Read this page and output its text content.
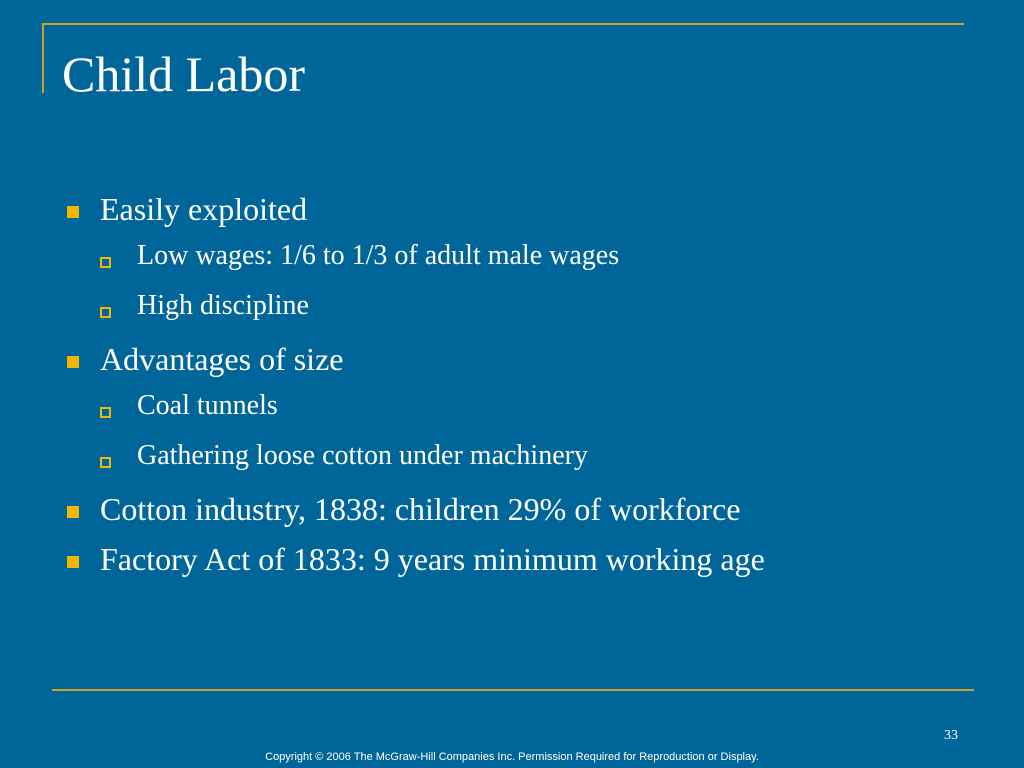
Child Labor
Easily exploited
Low wages: 1/6 to 1/3 of adult male wages
High discipline
Advantages of size
Coal tunnels
Gathering loose cotton under machinery
Cotton industry, 1838: children 29% of workforce
Factory Act of 1833: 9 years minimum working age
33
Copyright © 2006 The McGraw-Hill Companies Inc. Permission Required for Reproduction or Display.
